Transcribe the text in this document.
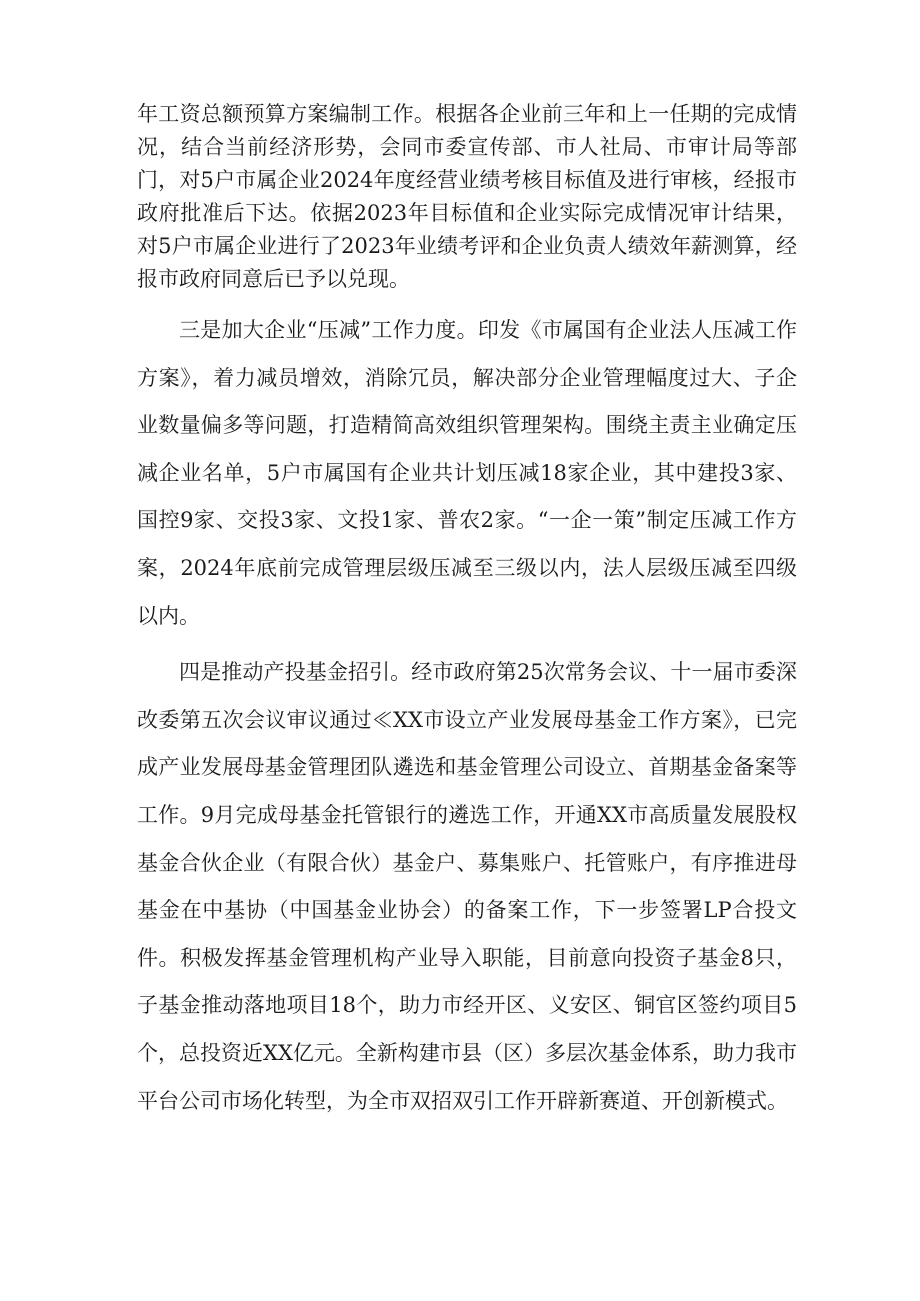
年工资总额预算方案编制工作。根据各企业前三年和上一任期的完成情况，结合当前经济形势，会同市委宣传部、市人社局、市审计局等部门，对5户市属企业2024年度经营业绩考核目标值及进行审核，经报市政府批准后下达。依据2023年目标值和企业实际完成情况审计结果，对5户市属企业进行了2023年业绩考评和企业负责人绩效年薪测算，经报市政府同意后已予以兑现。

三是加大企业“压减”工作力度。印发《市属国有企业法人压减工作方案》，着力减员增效，消除冗员，解决部分企业管理幅度过大、子企业数量偏多等问题，打造精简高效组织管理架构。围绕主责主业确定压减企业名单，5户市属国有企业共计划压减18家企业，其中建投3家、国控9家、交投3家、文投1家、普农2家。“一企一策”制定压减工作方案，2024年底前完成管理层级压减至三级以内，法人层级压减至四级以内。

四是推动产投基金招引。经市政府第25次常务会议、十一届市委深改委第五次会议审议通过≪XX市设立产业发展母基金工作方案》，已完成产业发展母基金管理团队遴选和基金管理公司设立、首期基金备案等工作。9月完成母基金托管银行的遴选工作，开通XX市高质量发展股权基金合伙企业（有限合伙）基金户、募集账户、托管账户，有序推进母基金在中基协（中国基金业协会）的备案工作，下一步签署LP合投文件。积极发挥基金管理机构产业导入职能，目前意向投资子基金8只，子基金推动落地项目18个，助力市经开区、义安区、铜官区签约项目5个，总投资近XX亿元。全新构建市县（区）多层次基金体系，助力我市平台公司市场化转型，为全市双招双引工作开辟新赛道、开创新模式。
